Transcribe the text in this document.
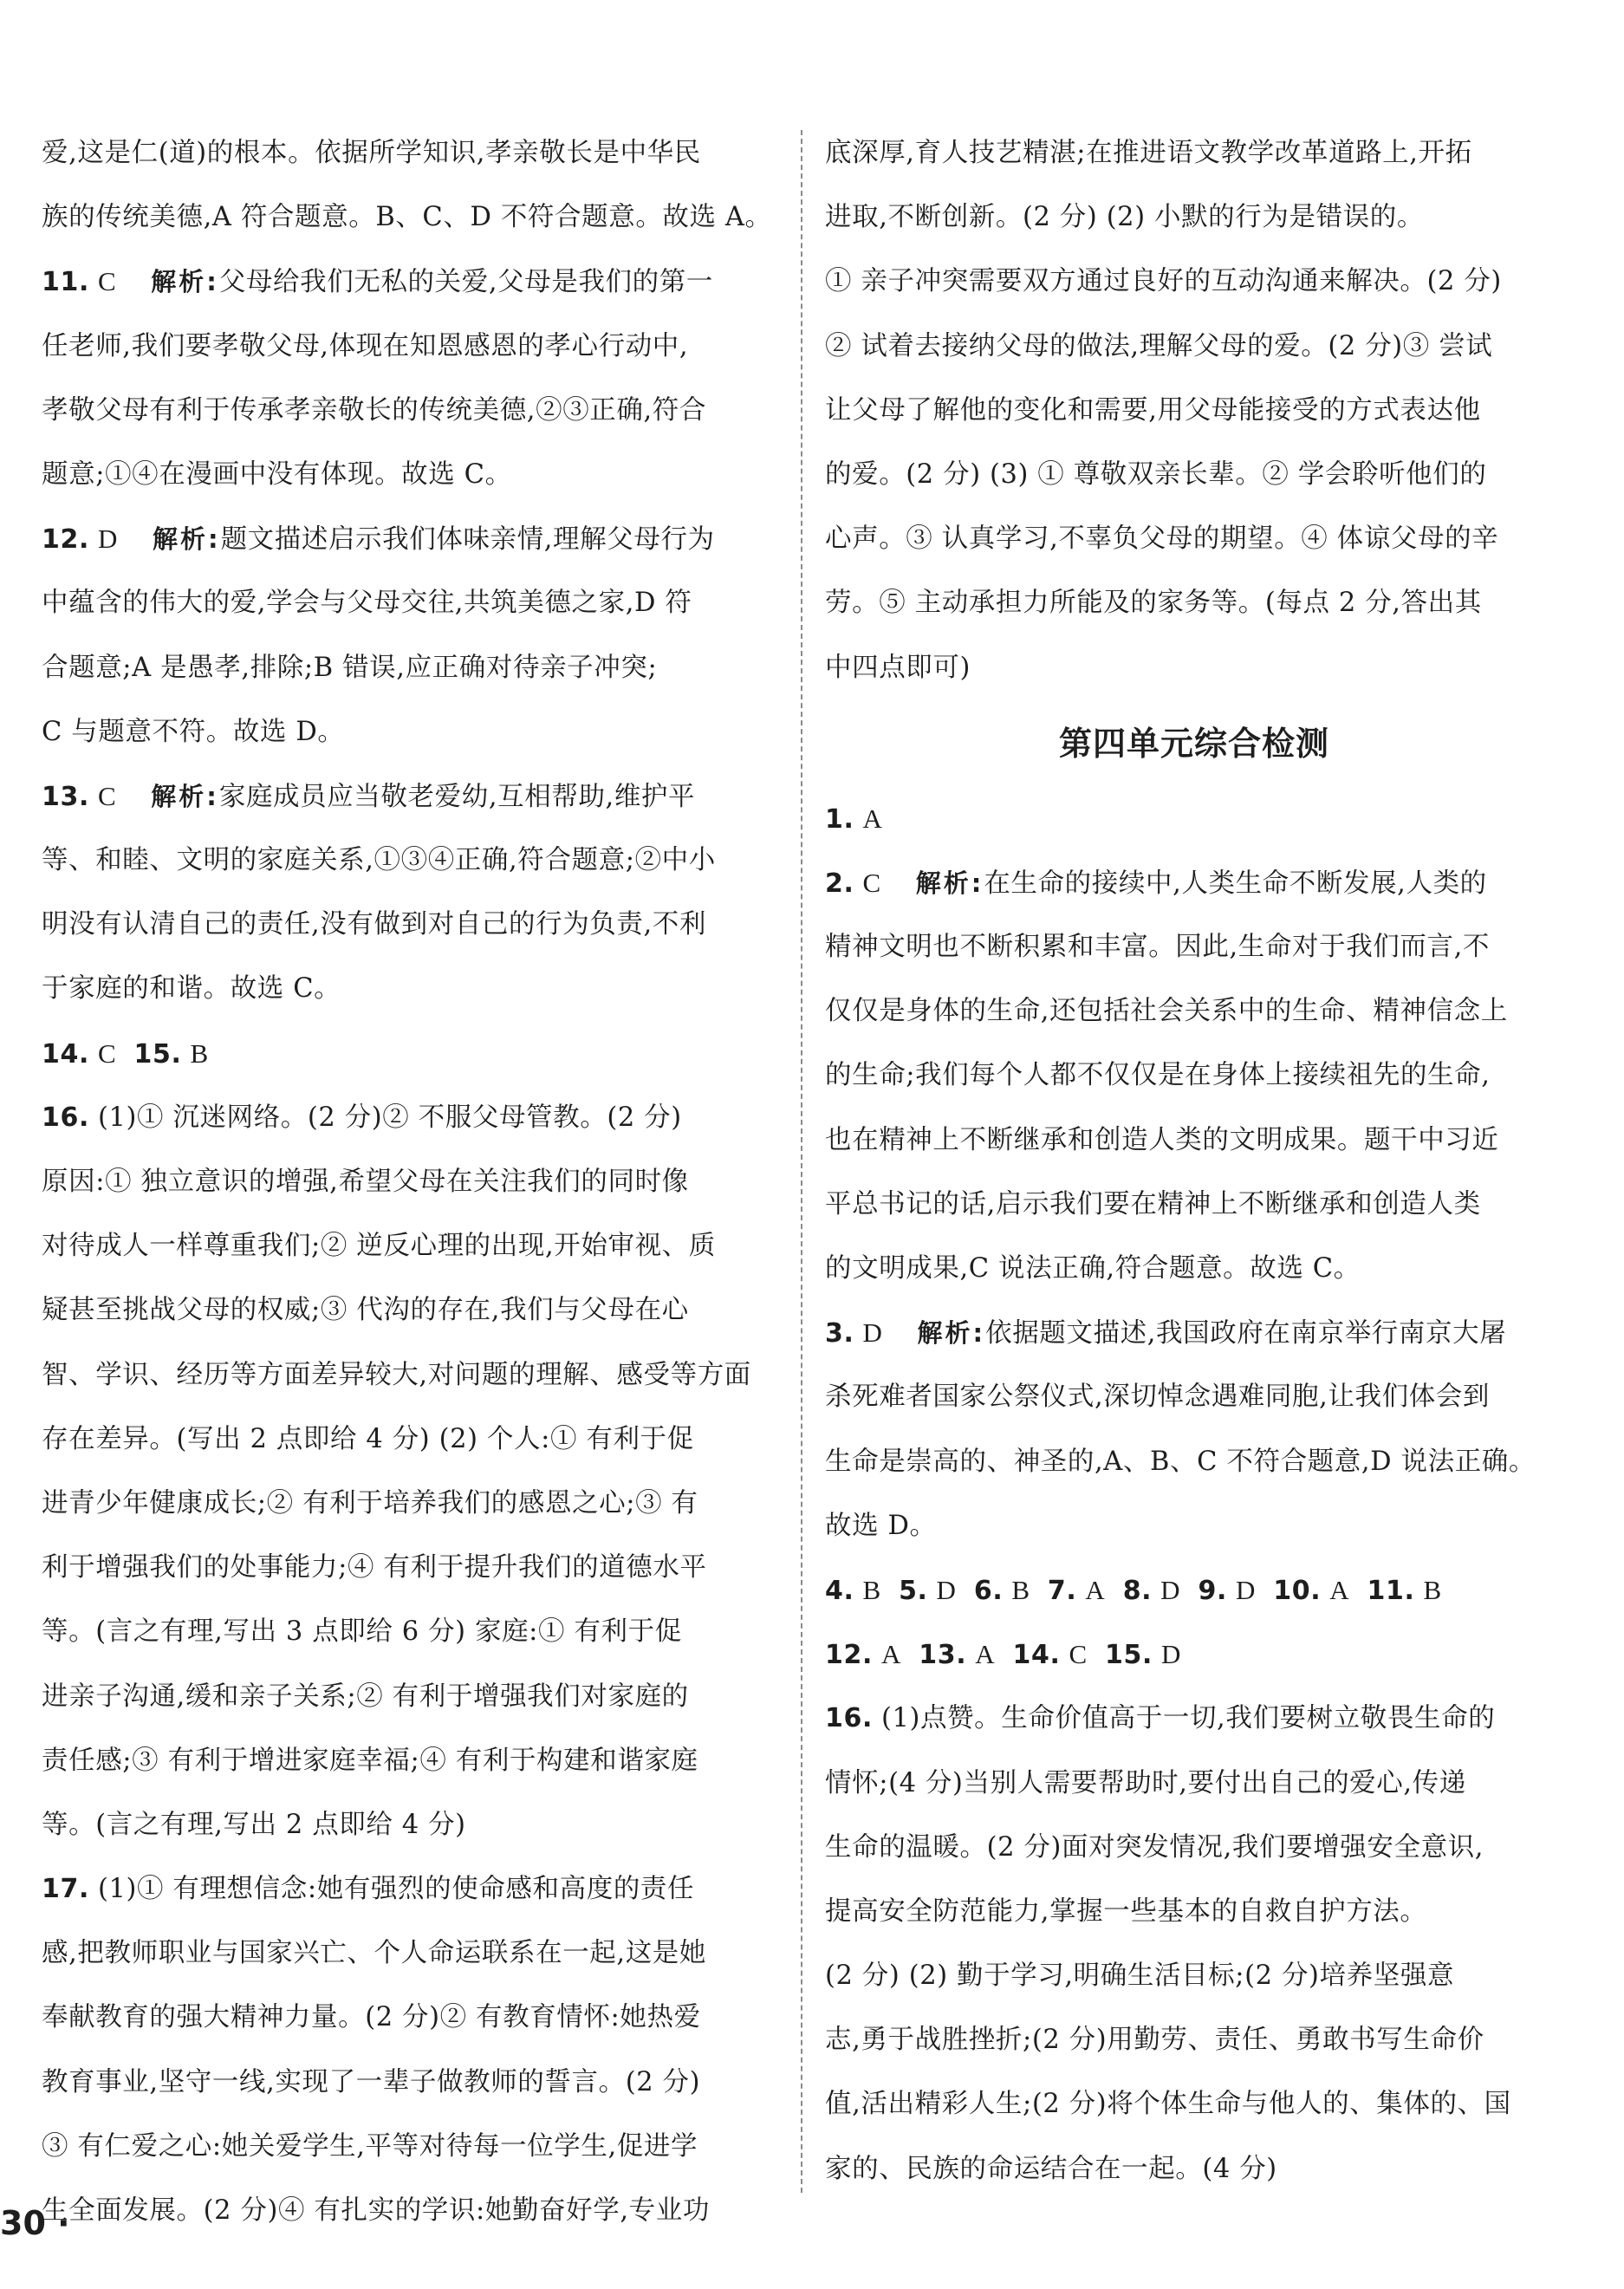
爱,这是仁(道)的根本。依据所学知识,孝亲敬长是中华民
族的传统美德,A 符合题意。B、C、D 不符合题意。故选 A。
11. C 解析:父母给我们无私的关爱,父母是我们的第一
任老师,我们要孝敬父母,体现在知恩感恩的孝心行动中,
孝敬父母有利于传承孝亲敬长的传统美德,②③正确,符合
题意;①④在漫画中没有体现。故选 C。
12. D 解析:题文描述启示我们体味亲情,理解父母行为
中蕴含的伟大的爱,学会与父母交往,共筑美德之家,D 符
合题意;A 是愚孝,排除;B 错误,应正确对待亲子冲突;
C 与题意不符。故选 D。
13. C 解析:家庭成员应当敬老爱幼,互相帮助,维护平
等、和睦、文明的家庭关系,①③④正确,符合题意;②中小
明没有认清自己的责任,没有做到对自己的行为负责,不利
于家庭的和谐。故选 C。
14. C 15. B
16. (1)① 沉迷网络。(2 分)② 不服父母管教。(2 分)
原因:① 独立意识的增强,希望父母在关注我们的同时像
对待成人一样尊重我们;② 逆反心理的出现,开始审视、质
疑甚至挑战父母的权威;③ 代沟的存在,我们与父母在心
智、学识、经历等方面差异较大,对问题的理解、感受等方面
存在差异。(写出 2 点即给 4 分) (2) 个人:① 有利于促
进青少年健康成长;② 有利于培养我们的感恩之心;③ 有
利于增强我们的处事能力;④ 有利于提升我们的道德水平
等。(言之有理,写出 3 点即给 6 分) 家庭:① 有利于促
进亲子沟通,缓和亲子关系;② 有利于增强我们对家庭的
责任感;③ 有利于增进家庭幸福;④ 有利于构建和谐家庭
等。(言之有理,写出 2 点即给 4 分)
17. (1)① 有理想信念:她有强烈的使命感和高度的责任
感,把教师职业与国家兴亡、个人命运联系在一起,这是她
奉献教育的强大精神力量。(2 分)② 有教育情怀:她热爱
教育事业,坚守一线,实现了一辈子做教师的誓言。(2 分)
③ 有仁爱之心:她关爱学生,平等对待每一位学生,促进学
生全面发展。(2 分)④ 有扎实的学识:她勤奋好学,专业功
底深厚,育人技艺精湛;在推进语文教学改革道路上,开拓
进取,不断创新。(2 分) (2) 小默的行为是错误的。
① 亲子冲突需要双方通过良好的互动沟通来解决。(2 分)
② 试着去接纳父母的做法,理解父母的爱。(2 分)③ 尝试
让父母了解他的变化和需要,用父母能接受的方式表达他
的爱。(2 分) (3) ① 尊敬双亲长辈。② 学会聆听他们的
心声。③ 认真学习,不辜负父母的期望。④ 体谅父母的辛
劳。⑤ 主动承担力所能及的家务等。(每点 2 分,答出其
中四点即可)
第四单元综合检测
1. A
2. C 解析:在生命的接续中,人类生命不断发展,人类的
精神文明也不断积累和丰富。因此,生命对于我们而言,不
仅仅是身体的生命,还包括社会关系中的生命、精神信念上
的生命;我们每个人都不仅仅是在身体上接续祖先的生命,
也在精神上不断继承和创造人类的文明成果。题干中习近
平总书记的话,启示我们要在精神上不断继承和创造人类
的文明成果,C 说法正确,符合题意。故选 C。
3. D 解析:依据题文描述,我国政府在南京举行南京大屠
杀死难者国家公祭仪式,深切悼念遇难同胞,让我们体会到
生命是崇高的、神圣的,A、B、C 不符合题意,D 说法正确。
故选 D。
4. B 5. D 6. B 7. A 8. D 9. D 10. A 11. B
12. A 13. A 14. C 15. D
16. (1)点赞。生命价值高于一切,我们要树立敬畏生命的
情怀;(4 分)当别人需要帮助时,要付出自己的爱心,传递
生命的温暖。(2 分)面对突发情况,我们要增强安全意识,
提高安全防范能力,掌握一些基本的自救自护方法。
(2 分) (2) 勤于学习,明确生活目标;(2 分)培养坚强意
志,勇于战胜挫折;(2 分)用勤劳、责任、勇敢书写生命价
值,活出精彩人生;(2 分)将个体生命与他人的、集体的、国
家的、民族的命运结合在一起。(4 分)
30 ·
